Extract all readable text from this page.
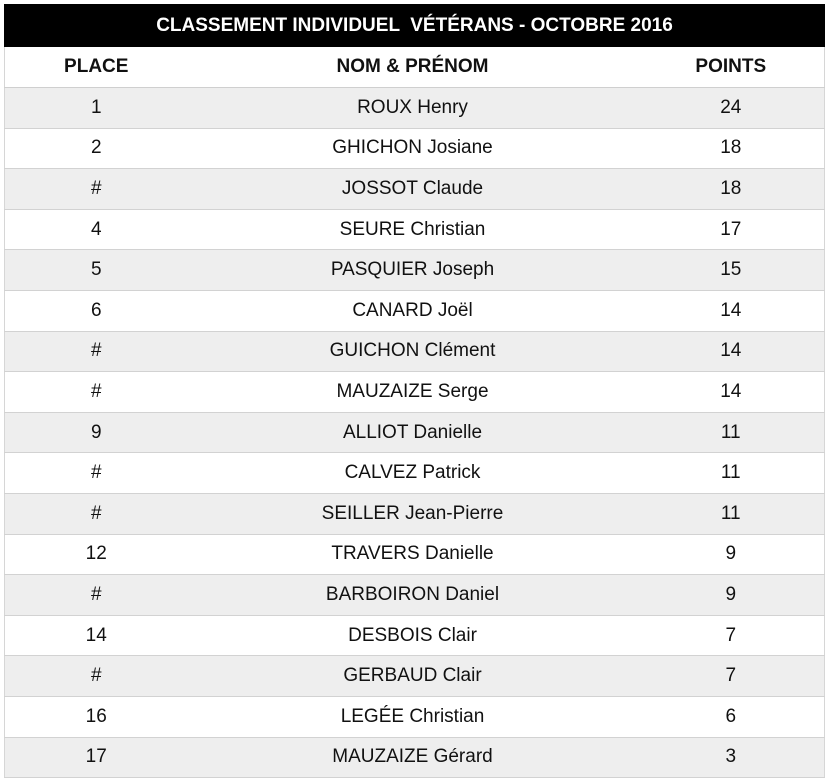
CLASSEMENT INDIVIDUEL  VÉTÉRANS - OCTOBRE 2016		
PLACE	NOM & PRÉNOM	POINTS
1	ROUX Henry	24
2	GHICHON Josiane	18
#	JOSSOT Claude	18
4	SEURE Christian	17
5	PASQUIER Joseph	15
6	CANARD Joël	14
#	GUICHON Clément	14
#	MAUZAIZE Serge	14
9	ALLIOT Danielle	11
#	CALVEZ Patrick	11
#	SEILLER Jean-Pierre	11
12	TRAVERS Danielle	9
#	BARBOIRON Daniel	9
14	DESBOIS Clair	7
#	GERBAUD Clair	7
16	LEGÉE Christian	6
17	MAUZAIZE Gérard	3
